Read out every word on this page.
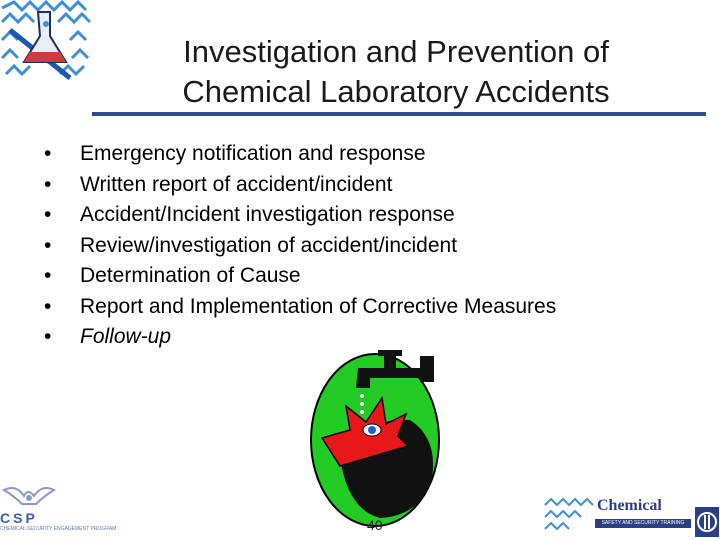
Investigation and Prevention of
Chemical Laboratory Accidents
• Emergency notification and response
• Written report of accident/incident
• Accident/Incident investigation response
• Review/investigation of accident/incident
• Determination of Cause
• Report and Implementation of Corrective Measures
• Follow-up
CSP
CHEMICAL SECURITY ENGAGEMENT PROGRAM	40
Chemical
SAFETY AND SECURITY TRAINING
